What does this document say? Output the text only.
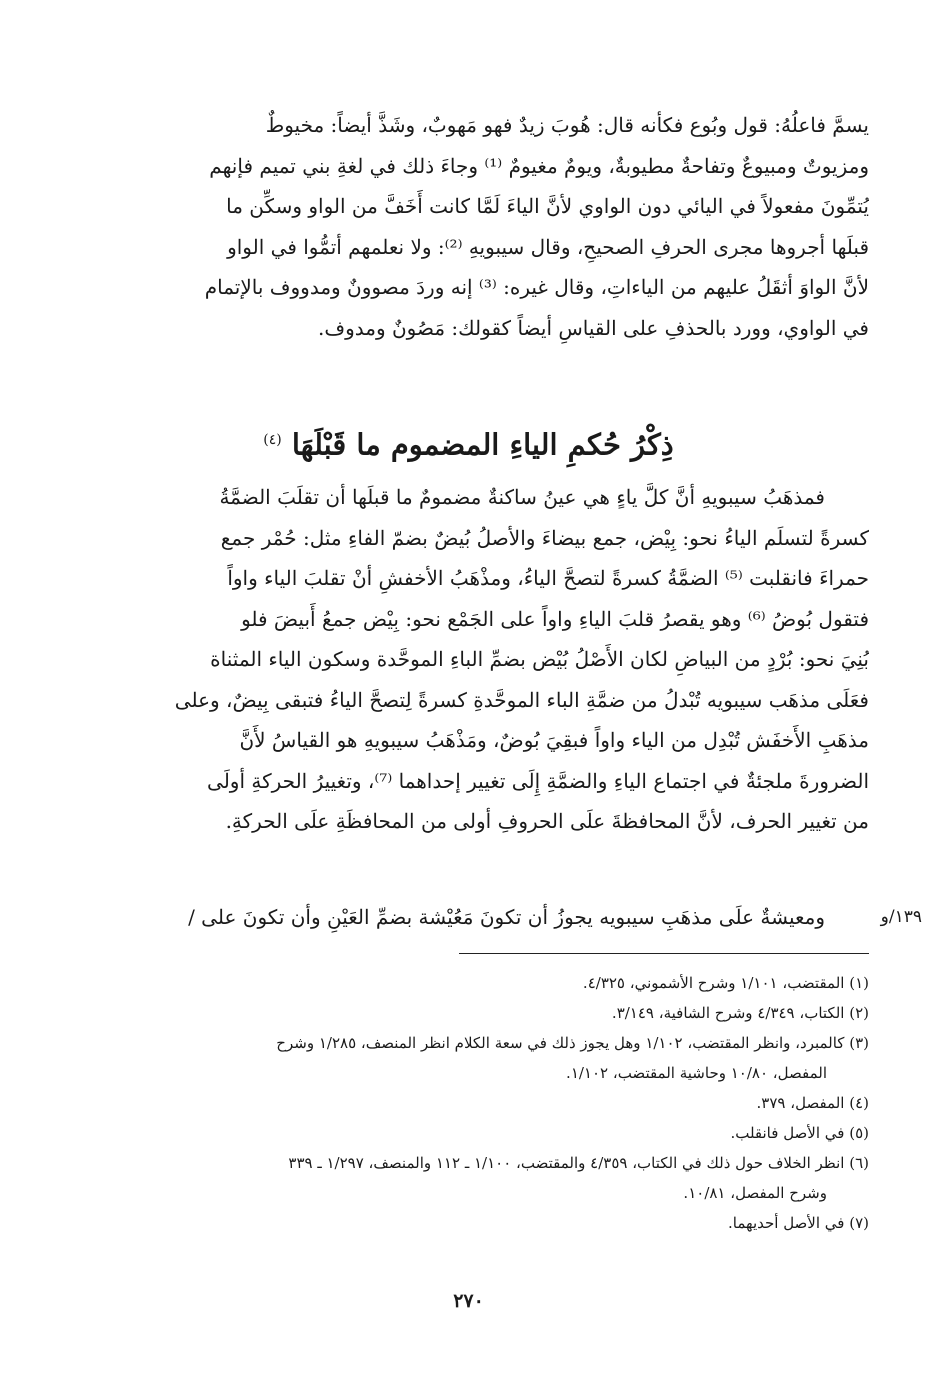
يسمَّ فاعلُهُ: قول وبُوع فكأنه قال: هُوبَ زيدٌ فهو مَهوبٌ، وشَذَّ أيضاً: مخيوطٌ
ومزيوتٌ ومبيوعٌ وتفاحةٌ مطيوبةٌ، ويومٌ مغيومٌ ⁽¹⁾ وجاءَ ذلك في لغةِ بني تميم فإنهم
يُتمِّونَ مفعولاً في اليائي دون الواوي لأنَّ الياءَ لَمَّا كانت أَخَفَّ من الواو وسكِّن ما
قبلَها أجروها مجرى الحرفِ الصحيحِ، وقال سيبويهِ ⁽²⁾: ولا نعلمهم أتمُّوا في الواو
لأنَّ الواوَ أثقَلُ عليهم من الياءاتِ، وقال غيره: ⁽³⁾ إنه وردَ مصوونٌ ومدووف بالإتمام
في الواوي، وورد بالحذفِ على القياسِ أيضاً كقولك: مَصُونٌ ومدوف.
ذِكْرُ حُكمِ الياءِ المضموم ما قَبْلَهَا $^{(٤)}$
فمذهَبُ سيبويهِ أنَّ كلَّ ياءٍ هي عينُ ساكنةٌ مضمومٌ ما قبلَها أن تقلَبَ الضمَّةُ
كسرةً لتسلَم الياءُ نحو: بِيْض، جمع بيضاءَ والأصلُ بُيضٌ بضمّ الفاءِ مثل: حُمْر جمع
حمراءَ فانقلبت ⁽⁵⁾ الضمَّةُ كسرةً لتصحَّ الياءُ، ومذْهَبُ الأخفشِ أنْ تقلبَ الياء واواً
فتقول بُوضُ ⁽⁶⁾ وهو يقصرُ قلبَ الياءِ واواً على الجَمْع نحو: بِيْض جمعُ أَبيضَ فلو
بُنِيَ نحو: بُرْدٍ من البياضِ لكان الأَصْلُ بُيْض بضمِّ الباءِ الموحَّدة وسكون الياء المثناة
فعَلَى مذهَب سيبويه تُبْدلُ من ضمَّةِ الباء الموحَّدةِ كسرةً لِتصحَّ الياءُ فتبقى بِيضٌ، وعلى
مذهَبِ الأَخفَش تُبْدِل من الياء واواً فبقِيَ بُوضٌ، ومَذْهَبُ سيبويهِ هو القياسُ لأَنَّ
الضرورةَ ملجئةٌ في اجتماع الياءِ والضمَّةِ إِلَى تغيير إحداهما ⁽⁷⁾، وتغييرُ الحركةِ أولَى
من تغيير الحرف، لأنَّ المحافظةَ علَى الحروفِ أولى من المحافظَةِ علَى الحركةِ.
١٣٩/و
ومعيشةٌ علَى مذهَبِ سيبويه يجوزُ أن تكونَ مَعُيْشة بضمِّ العَيْنِ وأن تكونَ على /
(١) المقتضب، ١/١٠١ وشرح الأشموني، ٤/٣٢٥.
(٢) الكتاب، ٤/٣٤٩ وشرح الشافية، ٣/١٤٩.
(٣) كالمبرد، وانظر المقتضب، ١/١٠٢ وهل يجوز ذلك في سعة الكلام انظر المنصف، ١/٢٨٥ وشرح
المفصل، ١٠/٨٠ وحاشية المقتضب، ١/١٠٢.
(٤) المفصل، ٣٧٩.
(٥) في الأصل فانقلب.
(٦) انظر الخلاف حول ذلك في الكتاب، ٤/٣٥٩ والمقتضب، ١/١٠٠ ـ ١١٢ والمنصف، ١/٢٩٧ ـ ٣٣٩
وشرح المفصل، ١٠/٨١.
(٧) في الأصل أحديهما.
٢٧٠
